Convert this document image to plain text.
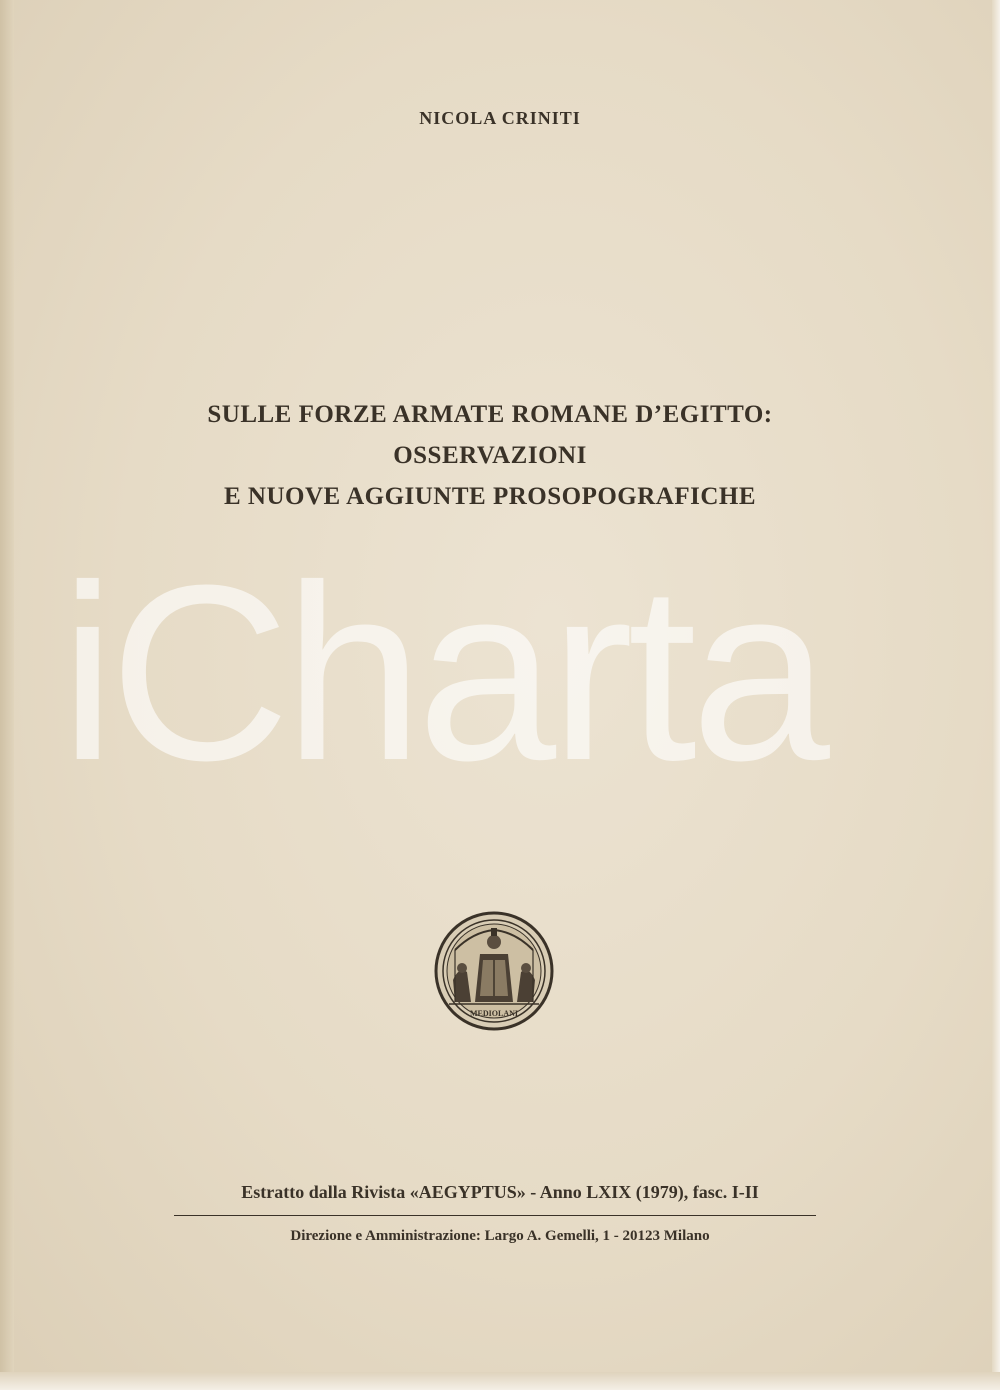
NICOLA CRINITI
SULLE FORZE ARMATE ROMANE D’EGITTO:
OSSERVAZIONI
E NUOVE AGGIUNTE PROSOPOGRAFICHE
iCharta
MEDIOLANI
Estratto dalla Rivista «AEGYPTUS» - Anno LXIX (1979), fasc. I-II
Direzione e Amministrazione: Largo A. Gemelli, 1 - 20123 Milano
